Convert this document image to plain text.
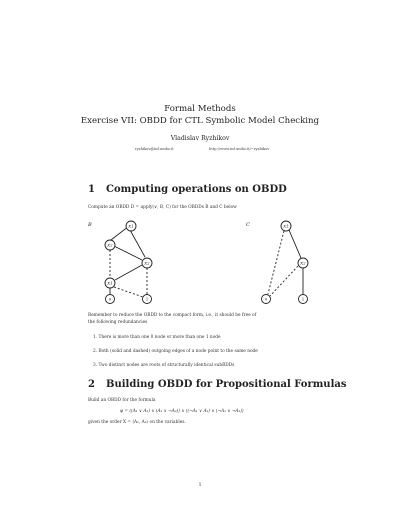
Formal Methods
Exercise VII: OBDD for CTL Symbolic Model Checking
Vladislav Ryzhikov
ryzhikov@inf.unibz.it	http://www.inf.unibz.it/~ryzhikov
1 Computing operations on OBDD
Compute an OBDD D = apply(∨, B, C) for the OBDDs B and C below
B	C
X1
X2
X2
X1
0	1
X1
X2
0	1
Remember to reduce the OBDD to the compact form, i.e., it should be free of
the following redundancies
1. There is more than one 0 node or more than one 1 node
2. Both (solid and dashed) outgoing edges of a node point to the same node
3. Two distinct nodes are roots of structurally identical subBDDs
2 Building OBDD for Propositional Formulas
Build an OBDD for the formula
φ = ((A₁ ∨ A₂) ∧ (A₁ ∨ ¬A₂)) ∧ ((¬A₁ ∨ A₂) ∧ (¬A₁ ∨ ¬A₂))
given the order X = ⟨A₁, A₂⟩ on the variables.
1
